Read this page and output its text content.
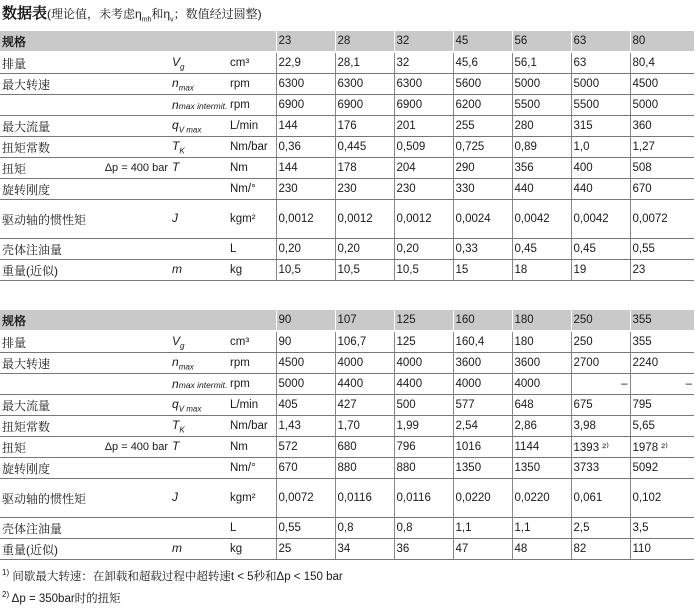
数据表(理论值，未考虑$\eta_{mh}$和$\eta_v$；数值经过圆整)
规格				23	28	32	45	56	63	80
排量		$V_g$	cm³	22,9	28,1	32	45,6	56,1	63	80,4
最大转速		$n_{max}$	rpm	6300	6300	6300	5600	5000	5000	4500
		nmax intermit.	rpm	6900	6900	6900	6200	5500	5500	5000
最大流量		$q_{V max}$	L/min	144	176	201	255	280	315	360
扭矩常数		$T_K$	Nm/bar	0,36	0,445	0,509	0,725	0,89	1,0	1,27
扭矩	Δp = 400 bar	T	Nm	144	178	204	290	356	400	508
旋转刚度			Nm/°	230	230	230	330	440	440	670
驱动轴的惯性矩		J	kgm²	0,0012	0,0012	0,0012	0,0024	0,0042	0,0042	0,0072
壳体注油量			L	0,20	0,20	0,20	0,33	0,45	0,45	0,55
重量(近似)		m	kg	10,5	10,5	10,5	15	18	19	23
规格				90	107	125	160	180	250	355
排量		$V_g$	cm³	90	106,7	125	160,4	180	250	355
最大转速		$n_{max}$	rpm	4500	4000	4000	3600	3600	2700	2240
		nmax intermit.	rpm	5000	4400	4400	4000	4000	–	–
最大流量		$q_{V max}$	L/min	405	427	500	577	648	675	795
扭矩常数		$T_K$	Nm/bar	1,43	1,70	1,99	2,54	2,86	3,98	5,65
扭矩	Δp = 400 bar	T	Nm	572	680	796	1016	1144	1393 ²⁾	1978 ²⁾
旋转刚度			Nm/°	670	880	880	1350	1350	3733	5092
驱动轴的惯性矩		J	kgm²	0,0072	0,0116	0,0116	0,0220	0,0220	0,061	0,102
壳体注油量			L	0,55	0,8	0,8	1,1	1,1	2,5	3,5
重量(近似)		m	kg	25	34	36	47	48	82	110
$^{1)}$ 间歇最大转速：在卸载和超载过程中超转速t < 5秒和Δp < 150 bar
$^{2)}$ Δp = 350bar时的扭矩
